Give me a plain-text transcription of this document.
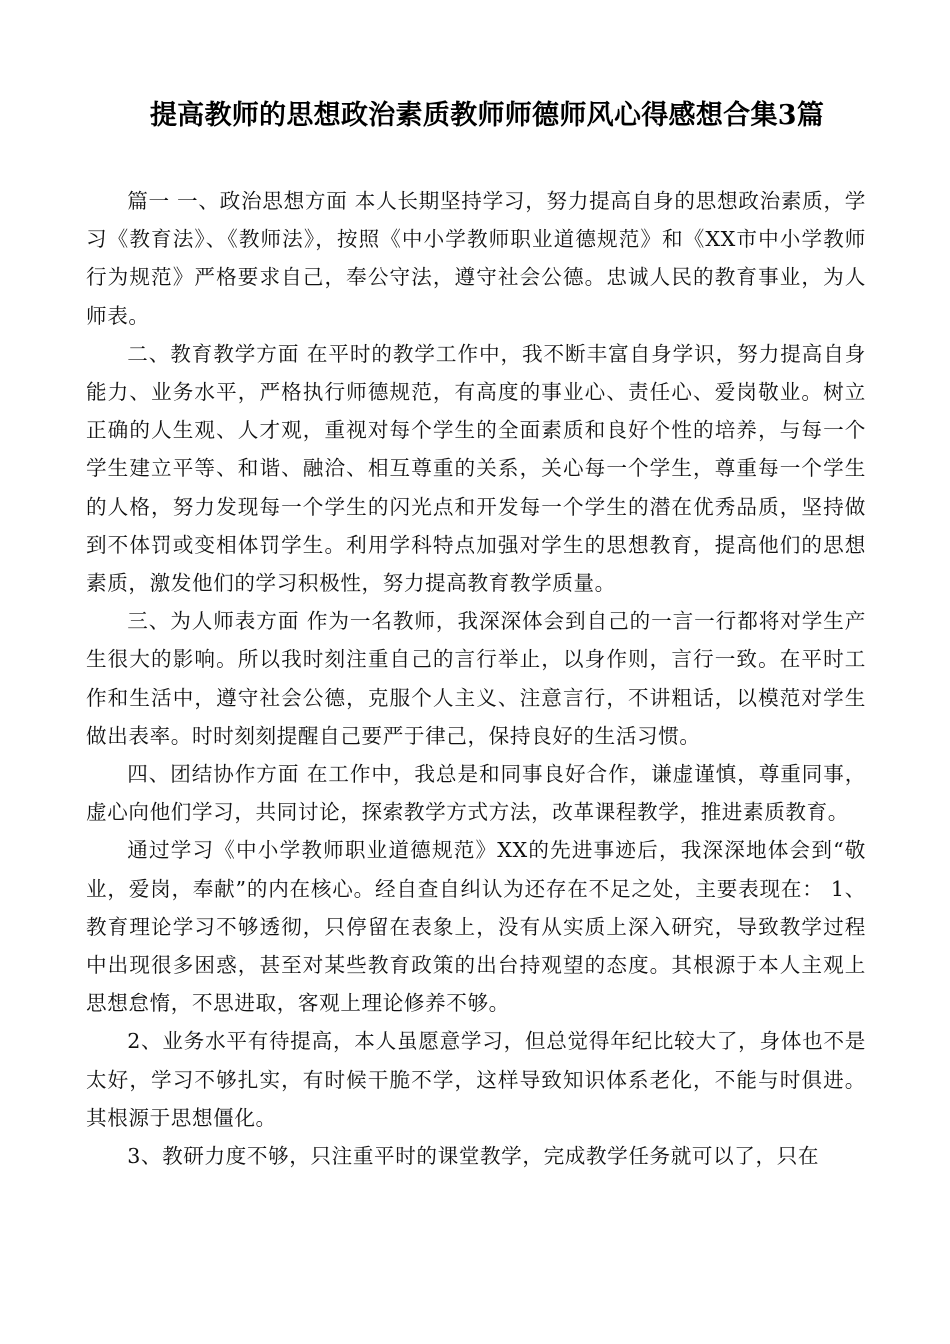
提高教师的思想政治素质教师师德师风心得感想合集3篇

篇一 一、政治思想方面 本人长期坚持学习，努力提高自身的思想政治素质，学习《教育法》、《教师法》，按照《中小学教师职业道德规范》和《XX市中小学教师行为规范》严格要求自己，奉公守法，遵守社会公德。忠诚人民的教育事业，为人师表。

二、教育教学方面 在平时的教学工作中，我不断丰富自身学识，努力提高自身能力、业务水平，严格执行师德规范，有高度的事业心、责任心、爱岗敬业。树立正确的人生观、人才观，重视对每个学生的全面素质和良好个性的培养，与每一个学生建立平等、和谐、融洽、相互尊重的关系，关心每一个学生，尊重每一个学生的人格，努力发现每一个学生的闪光点和开发每一个学生的潜在优秀品质，坚持做到不体罚或变相体罚学生。利用学科特点加强对学生的思想教育，提高他们的思想素质，激发他们的学习积极性，努力提高教育教学质量。

三、为人师表方面 作为一名教师，我深深体会到自己的一言一行都将对学生产生很大的影响。所以我时刻注重自己的言行举止，以身作则，言行一致。在平时工作和生活中，遵守社会公德，克服个人主义、注意言行，不讲粗话，以模范对学生做出表率。时时刻刻提醒自己要严于律己，保持良好的生活习惯。

四、团结协作方面 在工作中，我总是和同事良好合作，谦虚谨慎，尊重同事，虚心向他们学习，共同讨论，探索教学方式方法，改革课程教学，推进素质教育。

通过学习《中小学教师职业道德规范》XX的先进事迹后，我深深地体会到“敬业，爱岗，奉献”的内在核心。经自查自纠认为还存在不足之处，主要表现在： 1、教育理论学习不够透彻，只停留在表象上，没有从实质上深入研究，导致教学过程中出现很多困惑，甚至对某些教育政策的出台持观望的态度。其根源于本人主观上思想怠惰，不思进取，客观上理论修养不够。

2、业务水平有待提高，本人虽愿意学习，但总觉得年纪比较大了，身体也不是太好，学习不够扎实，有时候干脆不学，这样导致知识体系老化，不能与时俱进。其根源于思想僵化。

3、教研力度不够，只注重平时的课堂教学，完成教学任务就可以了，只在
